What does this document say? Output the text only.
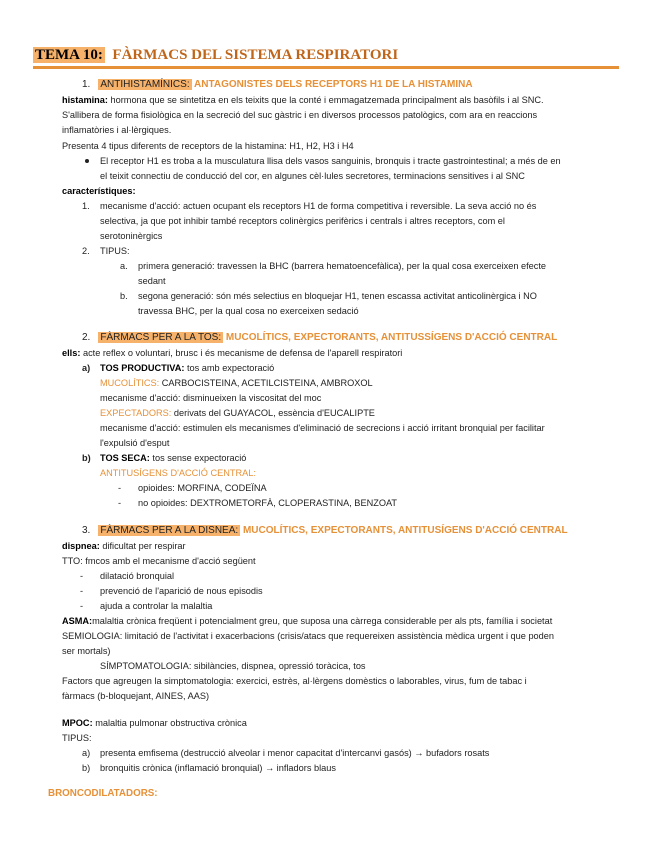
TEMA 10: FÀRMACS DEL SISTEMA RESPIRATORI
1. ANTIHISTAMÍNICS: ANTAGONISTES DELS RECEPTORS H1 DE LA HISTAMINA
histamina: hormona que se sintetitza en els teixits que la conté i emmagatzemada principalment als basòfils i al SNC.
S'allibera de forma fisiològica en la secreció del suc gàstric i en diversos processos patològics, com ara en reaccions
inflamatòries i al·lèrgiques.
Presenta 4 tipus diferents de receptors de la histamina: H1, H2, H3 i H4
El receptor H1 es troba a la musculatura llisa dels vasos sanguinis, bronquis i tracte gastrointestinal; a més de en
el teixit connectiu de conducció del cor, en algunes cèl·lules secretores, terminacions sensitives i al SNC
característiques:
1. mecanisme d'acció: actuen ocupant els receptors H1 de forma competitiva i reversible. La seva acció no és
selectiva, ja que pot inhibir també receptors colinèrgics perifèrics i centrals i altres receptors, com el
serotoninèrgics
2. TIPUS:
a. primera generació: travessen la BHC (barrera hematoencefàlica), per la qual cosa exerceixen efecte
sedant
b. segona generació: són més selectius en bloquejar H1, tenen escassa activitat anticolinèrgica i NO
travessa BHC, per la qual cosa no exerceixen sedació
2. FÀRMACS PER A LA TOS: MUCOLÍTICS, EXPECTORANTS, ANTITUSSÍGENS D'ACCIÓ CENTRAL
ells: acte reflex o voluntari, brusc i és mecanisme de defensa de l'aparell respiratori
a) TOS PRODUCTIVA: tos amb expectoració
MUCOLÍTICS: CARBOCISTEINA, ACETILCISTEINA, AMBROXOL
mecanisme d'acció: disminueixen la viscositat del moc
EXPECTADORS: derivats del GUAYACOL, essència d'EUCALIPTE
mecanisme d'acció: estimulen els mecanismes d'eliminació de secrecions i acció irritant bronquial per facilitar
l'expulsió d'esput
b) TOS SECA: tos sense expectoració
ANTITUSÍGENS D'ACCIÓ CENTRAL:
- opioides: MORFINA, CODEÏNA
- no opioides: DEXTROMETORFÀ, CLOPERASTINA, BENZOAT
3. FÀRMACS PER A LA DISNEA: MUCOLÍTICS, EXPECTORANTS, ANTITUSÍGENS D'ACCIÓ CENTRAL
dispnea: dificultat per respirar
TTO: fmcos amb el mecanisme d'acció següent
- dilatació bronquial
- prevenció de l'aparició de nous episodis
- ajuda a controlar la malaltia
ASMA:malaltia crònica freqüent i potencialment greu, que suposa una càrrega considerable per als pts, família i societat
SEMIOLOGIA: limitació de l'activitat i exacerbacions (crisis/atacs que requereixen assistència mèdica urgent i que poden
ser mortals)
SÍMPTOMATOLOGIA: sibilàncies, dispnea, opressió toràcica, tos
Factors que agreugen la simptomatologia: exercici, estrès, al·lèrgens domèstics o laborables, virus, fum de tabac i
fàrmacs (b-bloquejant, AINES, AAS)
MPOC: malaltia pulmonar obstructiva crònica
TIPUS:
a) presenta emfisema (destrucció alveolar i menor capacitat d'intercanvi gasós) → bufadors rosats
b) bronquitis crònica (inflamació bronquial) → infladors blaus
BRONCODILATADORS:
